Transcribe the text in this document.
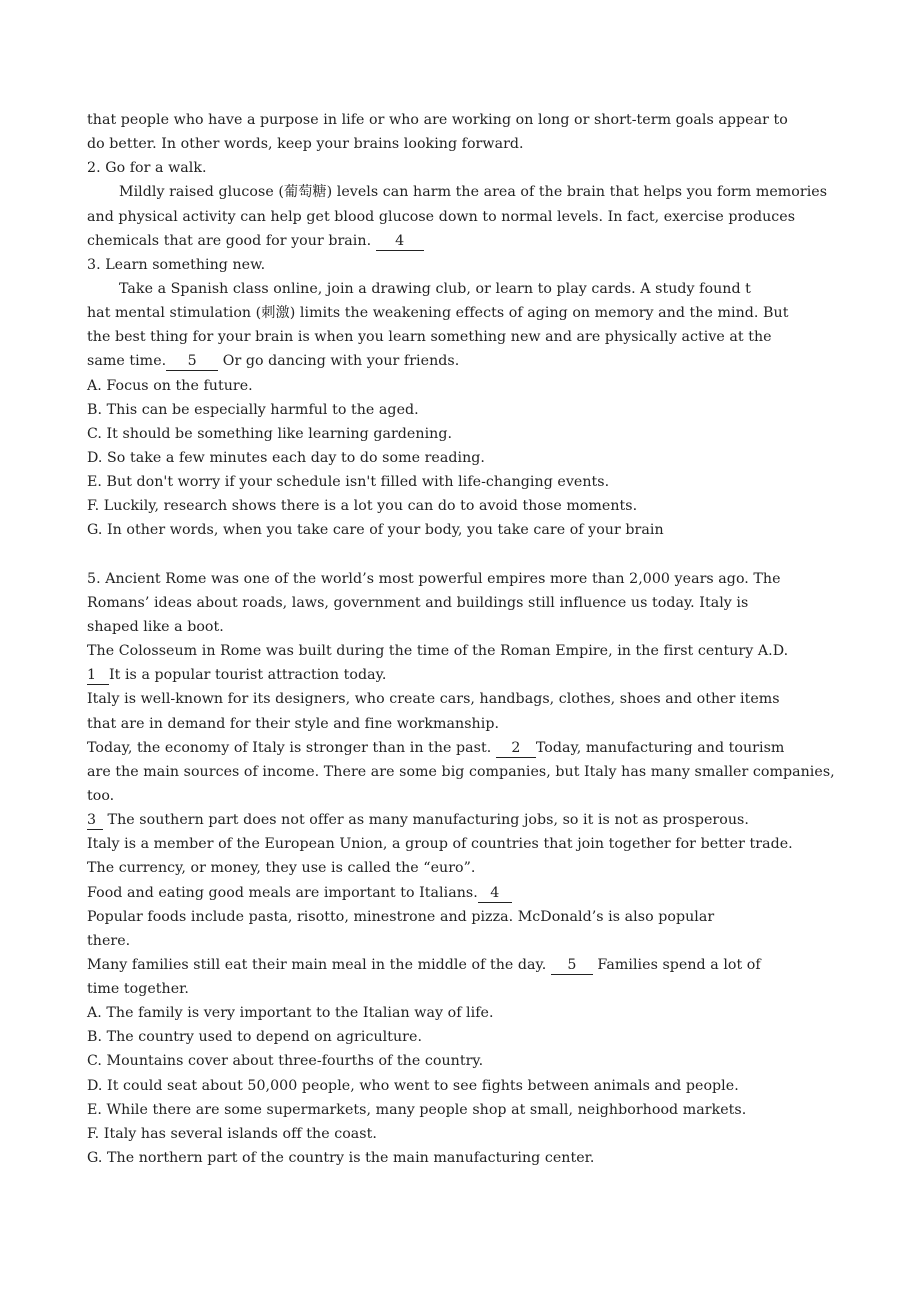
that people who have a purpose in life or who are working on long or short-term goals appear to
do better. In other words, keep your brains looking forward.
2. Go for a walk.
Mildly raised glucose (葡萄糖) levels can harm the area of the brain that helps you form memories
and physical activity can help get blood glucose down to normal levels. In fact, exercise produces
chemicals that are good for your brain. 4
3. Learn something new.
Take a Spanish class online, join a drawing club, or learn to play cards. A study found t
hat mental stimulation (刺激) limits the weakening effects of aging on memory and the mind. But
the best thing for your brain is when you learn something new and are physically active at the
same time. 5 Or go dancing with your friends.
A. Focus on the future.
B. This can be especially harmful to the aged.
C. It should be something like learning gardening.
D. So take a few minutes each day to do some reading.
E. But don't worry if your schedule isn't filled with life-changing events.
F. Luckily, research shows there is a lot you can do to avoid those moments.
G. In other words, when you take care of your body, you take care of your brain
5. Ancient Rome was one of the world’s most powerful empires more than 2,000 years ago. The
Romans’ ideas about roads, laws, government and buildings still influence us today. Italy is
shaped like a boot.
The Colosseum in Rome was built during the time of the Roman Empire, in the first century A.D.
1 It is a popular tourist attraction today.
Italy is well-known for its designers, who create cars, handbags, clothes, shoes and other items
that are in demand for their style and fine workmanship.
Today, the economy of Italy is stronger than in the past. 2 Today, manufacturing and tourism
are the main sources of income. There are some big companies, but Italy has many smaller companies,
too.
3 The southern part does not offer as many manufacturing jobs, so it is not as prosperous.
Italy is a member of the European Union, a group of countries that join together for better trade.
The currency, or money, they use is called the “euro”.
Food and eating good meals are important to Italians. 4
Popular foods include pasta, risotto, minestrone and pizza. McDonald’s is also popular
there.
Many families still eat their main meal in the middle of the day. 5 Families spend a lot of
time together.
A. The family is very important to the Italian way of life.
B. The country used to depend on agriculture.
C. Mountains cover about three-fourths of the country.
D. It could seat about 50,000 people, who went to see fights between animals and people.
E. While there are some supermarkets, many people shop at small, neighborhood markets.
F. Italy has several islands off the coast.
G. The northern part of the country is the main manufacturing center.
